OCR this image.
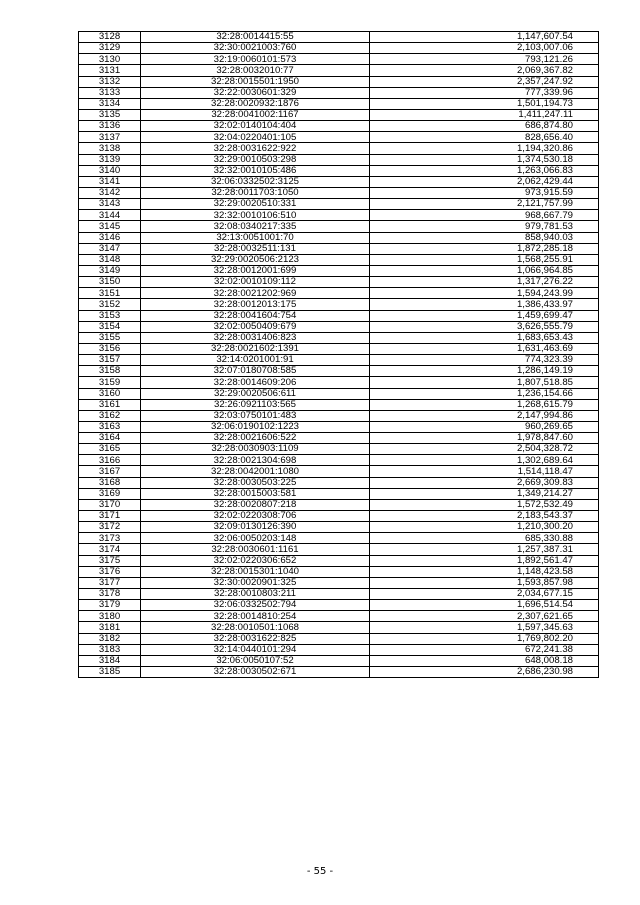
3128	32:28:0014415:55	1,147,607.54
3129	32:30:0021003:760	2,103,007.06
3130	32:19:0060101:573	793,121.26
3131	32:28:0032010:77	2,069,367.82
3132	32:28:0015501:1950	2,357,247.92
3133	32:22:0030601:329	777,339.96
3134	32:28:0020932:1876	1,501,194.73
3135	32:28:0041002:1167	1,411,247.11
3136	32:02:0140104:404	686,874.80
3137	32:04:0220401:105	828,656.40
3138	32:28:0031622:922	1,194,320.86
3139	32:29:0010503:298	1,374,530.18
3140	32:32:0010105:486	1,263,066.83
3141	32:06:0332502:3125	2,062,429.44
3142	32:28:0011703:1050	973,915.59
3143	32:29:0020510:331	2,121,757.99
3144	32:32:0010106:510	968,667.79
3145	32:08:0340217:335	979,781.53
3146	32:13:0051001:70	858,940.03
3147	32:28:0032511:131	1,872,285.18
3148	32:29:0020506:2123	1,568,255.91
3149	32:28:0012001:699	1,066,964.85
3150	32:02:0010109:112	1,317,276.22
3151	32:28:0021202:969	1,594,243.99
3152	32:28:0012013:175	1,386,433.97
3153	32:28:0041604:754	1,459,699.47
3154	32:02:0050409:679	3,626,555.79
3155	32:28:0031406:823	1,683,653.43
3156	32:28:0021602:1391	1,631,463.69
3157	32:14:0201001:91	774,323.39
3158	32:07:0180708:585	1,286,149.19
3159	32:28:0014609:206	1,807,518.85
3160	32:29:0020506:611	1,236,154.66
3161	32:26:0921103:565	1,268,615.79
3162	32:03:0750101:483	2,147,994.86
3163	32:06:0190102:1223	960,269.65
3164	32:28:0021606:522	1,978,847.60
3165	32:28:0030903:1109	2,504,328.72
3166	32:28:0021304:698	1,302,689.64
3167	32:28:0042001:1080	1,514,118.47
3168	32:28:0030503:225	2,669,309.83
3169	32:28:0015003:581	1,349,214.27
3170	32:28:0020807:218	1,572,532.49
3171	32:02:0220308:706	2,183,543.37
3172	32:09:0130126:390	1,210,300.20
3173	32:06:0050203:148	685,330.88
3174	32:28:0030601:1161	1,257,387.31
3175	32:02:0220306:652	1,892,561.47
3176	32:28:0015301:1040	1,148,423.58
3177	32:30:0020901:325	1,593,857.98
3178	32:28:0010803:211	2,034,677.15
3179	32:06:0332502:794	1,696,514.54
3180	32:28:0014810:254	2,307,621.65
3181	32:28:0010501:1068	1,597,345.63
3182	32:28:0031622:825	1,769,802.20
3183	32:14:0440101:294	672,241.38
3184	32:06:0050107:52	648,008.18
3185	32:28:0030502:671	2,686,230.98
- 55 -
